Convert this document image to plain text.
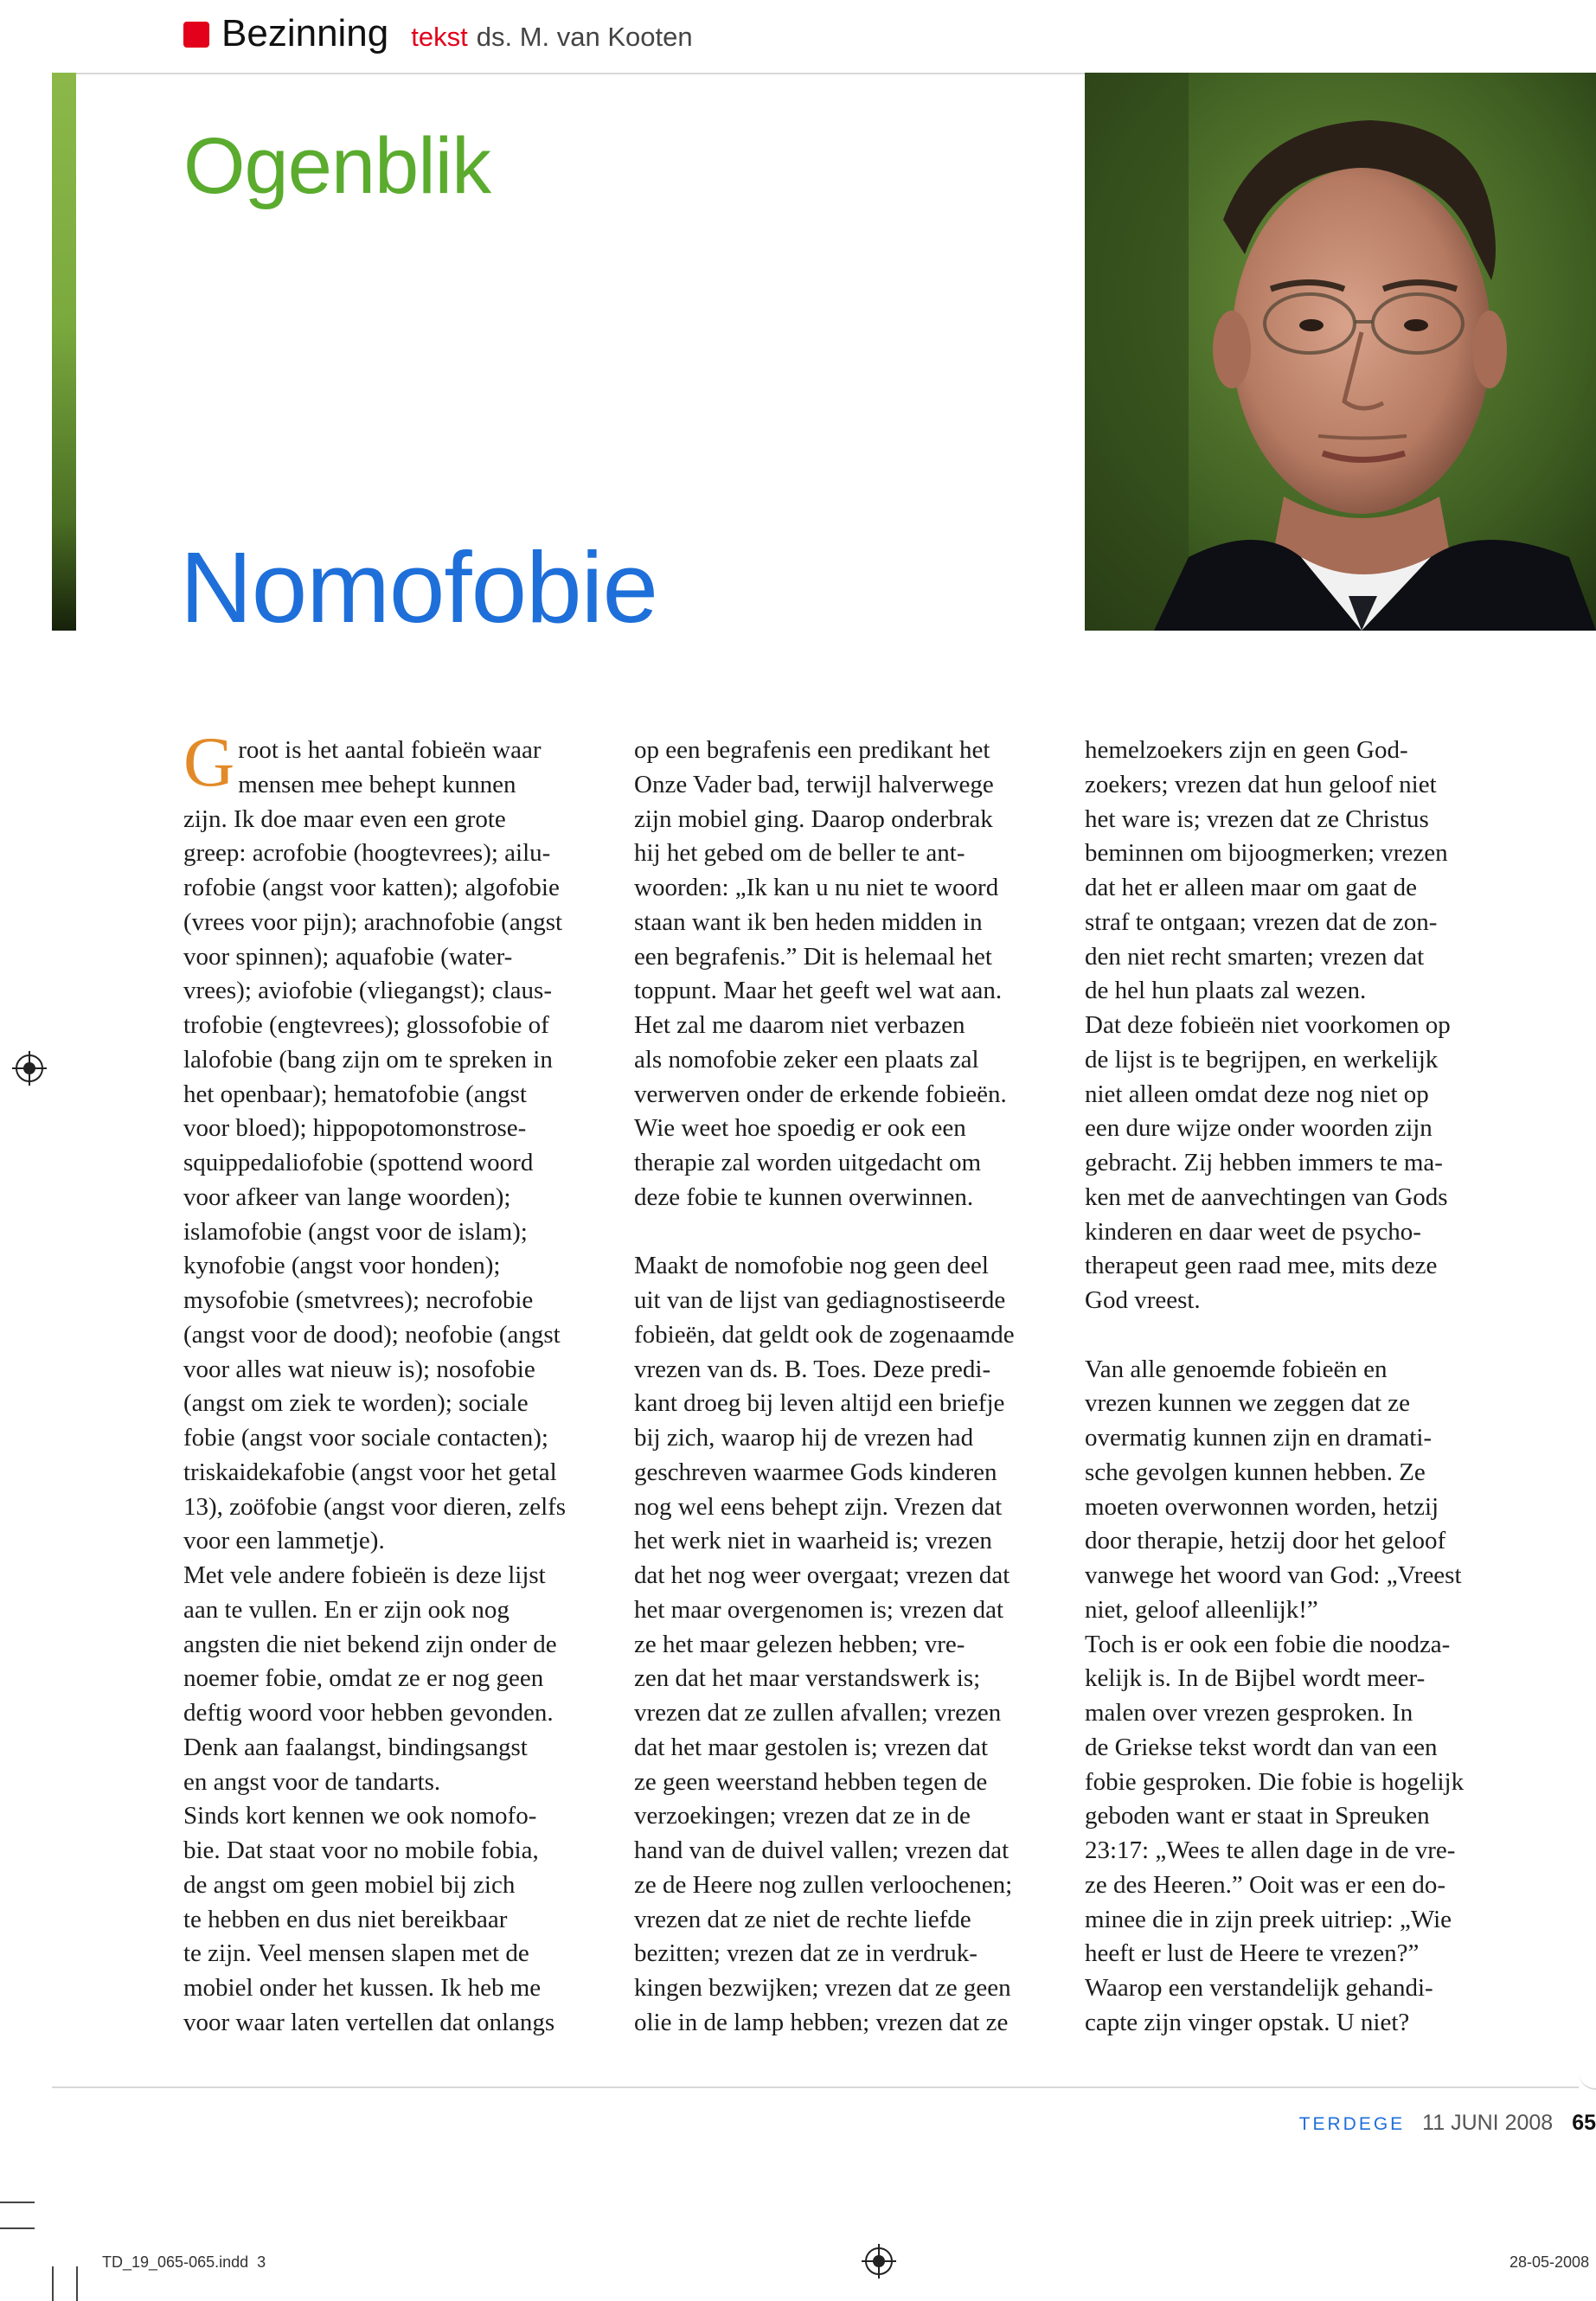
Bezinning tekst ds. M. van Kooten
Ogenblik
Nomofobie
G root is het aantal fobieën waar

mensen mee behept kunnen

zijn. Ik doe maar even een grote

greep: acrofobie (hoogtevrees); ailu-

rofobie (angst voor katten); algofobie

(vrees voor pijn); arachnofobie (angst

voor spinnen); aquafobie (water-

vrees); aviofobie (vliegangst); claus-

trofobie (engtevrees); glossofobie of

lalofobie (bang zijn om te spreken in

het openbaar); hematofobie (angst

voor bloed); hippopotomonstrose-

squippedaliofobie (spottend woord

voor afkeer van lange woorden);

islamofobie (angst voor de islam);

kynofobie (angst voor honden);

mysofobie (smetvrees); necrofobie

(angst voor de dood); neofobie (angst

voor alles wat nieuw is); nosofobie

(angst om ziek te worden); sociale

fobie (angst voor sociale contacten);

triskaidekafobie (angst voor het getal

13), zoöfobie (angst voor dieren, zelfs

voor een lammetje).

Met vele andere fobieën is deze lijst

aan te vullen. En er zijn ook nog

angsten die niet bekend zijn onder de

noemer fobie, omdat ze er nog geen

deftig woord voor hebben gevonden.

Denk aan faalangst, bindingsangst

en angst voor de tandarts.

Sinds kort kennen we ook nomofo-

bie. Dat staat voor no mobile fobia,

de angst om geen mobiel bij zich

te hebben en dus niet bereikbaar

te zijn. Veel mensen slapen met de

mobiel onder het kussen. Ik heb me

voor waar laten vertellen dat onlangs

op een begrafenis een predikant het

Onze Vader bad, terwijl halverwege

zijn mobiel ging. Daarop onderbrak

hij het gebed om de beller te ant-

woorden: „Ik kan u nu niet te woord

staan want ik ben heden midden in

een begrafenis.” Dit is helemaal het

toppunt. Maar het geeft wel wat aan.

Het zal me daarom niet verbazen

als nomofobie zeker een plaats zal

verwerven onder de erkende fobieën.

Wie weet hoe spoedig er ook een

therapie zal worden uitgedacht om

deze fobie te kunnen overwinnen.

Maakt de nomofobie nog geen deel

uit van de lijst van gediagnostiseerde

fobieën, dat geldt ook de zogenaamde

vrezen van ds. B. Toes. Deze predi-

kant droeg bij leven altijd een briefje

bij zich, waarop hij de vrezen had

geschreven waarmee Gods kinderen

nog wel eens behept zijn. Vrezen dat

het werk niet in waarheid is; vrezen

dat het nog weer overgaat; vrezen dat

het maar overgenomen is; vrezen dat

ze het maar gelezen hebben; vre-

zen dat het maar verstandswerk is;

vrezen dat ze zullen afvallen; vrezen

dat het maar gestolen is; vrezen dat

ze geen weerstand hebben tegen de

verzoekingen; vrezen dat ze in de

hand van de duivel vallen; vrezen dat

ze de Heere nog zullen verloochenen;

vrezen dat ze niet de rechte liefde

bezitten; vrezen dat ze in verdruk-

kingen bezwijken; vrezen dat ze geen

olie in de lamp hebben; vrezen dat ze

hemelzoekers zijn en geen God-

zoekers; vrezen dat hun geloof niet

het ware is; vrezen dat ze Christus

beminnen om bijoogmerken; vrezen

dat het er alleen maar om gaat de

straf te ontgaan; vrezen dat de zon-

den niet recht smarten; vrezen dat

de hel hun plaats zal wezen.

Dat deze fobieën niet voorkomen op

de lijst is te begrijpen, en werkelijk

niet alleen omdat deze nog niet op

een dure wijze onder woorden zijn

gebracht. Zij hebben immers te ma-

ken met de aanvechtingen van Gods

kinderen en daar weet de psycho-

therapeut geen raad mee, mits deze

God vreest.

Van alle genoemde fobieën en

vrezen kunnen we zeggen dat ze

overmatig kunnen zijn en dramati-

sche gevolgen kunnen hebben. Ze

moeten overwonnen worden, hetzij

door therapie, hetzij door het geloof

vanwege het woord van God: „Vreest

niet, geloof alleenlijk!”

Toch is er ook een fobie die noodza-

kelijk is. In de Bijbel wordt meer-

malen over vrezen gesproken. In

de Griekse tekst wordt dan van een

fobie gesproken. Die fobie is hogelijk

geboden want er staat in Spreuken

23:17: „Wees te allen dage in de vre-

ze des Heeren.” Ooit was er een do-

minee die in zijn preek uitriep: „Wie

heeft er lust de Heere te vrezen?”

Waarop een verstandelijk gehandi-

capte zijn vinger opstak. U niet?

TERDEGE 11 JUNI 2008 65
TD_19_065-065.indd 3	28-05-2008
